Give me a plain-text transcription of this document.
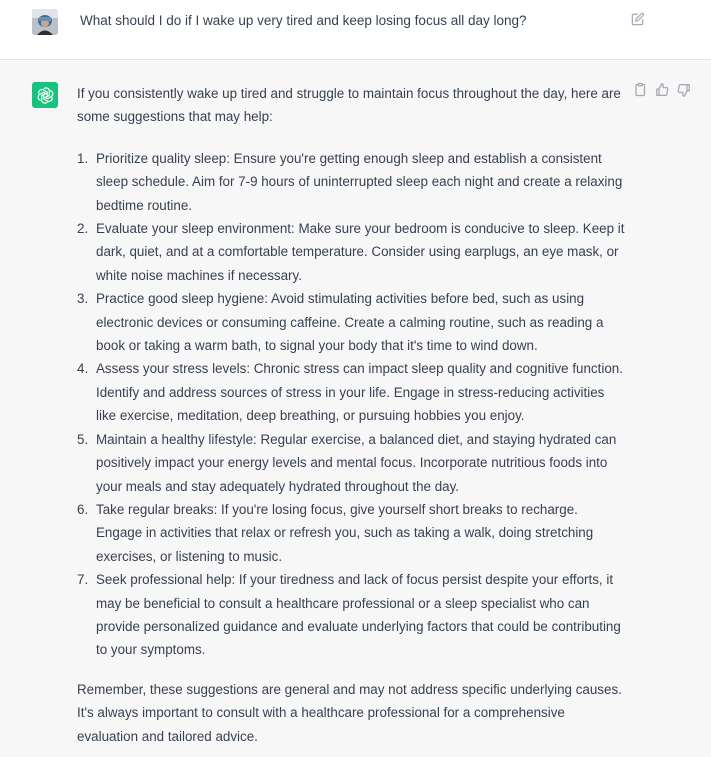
What should I do if I wake up very tired and keep losing focus all day long?

If you consistently wake up tired and struggle to maintain focus throughout the day, here are some suggestions that may help:

1. Prioritize quality sleep: Ensure you're getting enough sleep and establish a consistent sleep schedule. Aim for 7-9 hours of uninterrupted sleep each night and create a relaxing bedtime routine.
2. Evaluate your sleep environment: Make sure your bedroom is conducive to sleep. Keep it dark, quiet, and at a comfortable temperature. Consider using earplugs, an eye mask, or white noise machines if necessary.
3. Practice good sleep hygiene: Avoid stimulating activities before bed, such as using electronic devices or consuming caffeine. Create a calming routine, such as reading a book or taking a warm bath, to signal your body that it's time to wind down.
4. Assess your stress levels: Chronic stress can impact sleep quality and cognitive function. Identify and address sources of stress in your life. Engage in stress-reducing activities like exercise, meditation, deep breathing, or pursuing hobbies you enjoy.
5. Maintain a healthy lifestyle: Regular exercise, a balanced diet, and staying hydrated can positively impact your energy levels and mental focus. Incorporate nutritious foods into your meals and stay adequately hydrated throughout the day.
6. Take regular breaks: If you're losing focus, give yourself short breaks to recharge. Engage in activities that relax or refresh you, such as taking a walk, doing stretching exercises, or listening to music.
7. Seek professional help: If your tiredness and lack of focus persist despite your efforts, it may be beneficial to consult a healthcare professional or a sleep specialist who can provide personalized guidance and evaluate underlying factors that could be contributing to your symptoms.

Remember, these suggestions are general and may not address specific underlying causes. It's always important to consult with a healthcare professional for a comprehensive evaluation and tailored advice.
